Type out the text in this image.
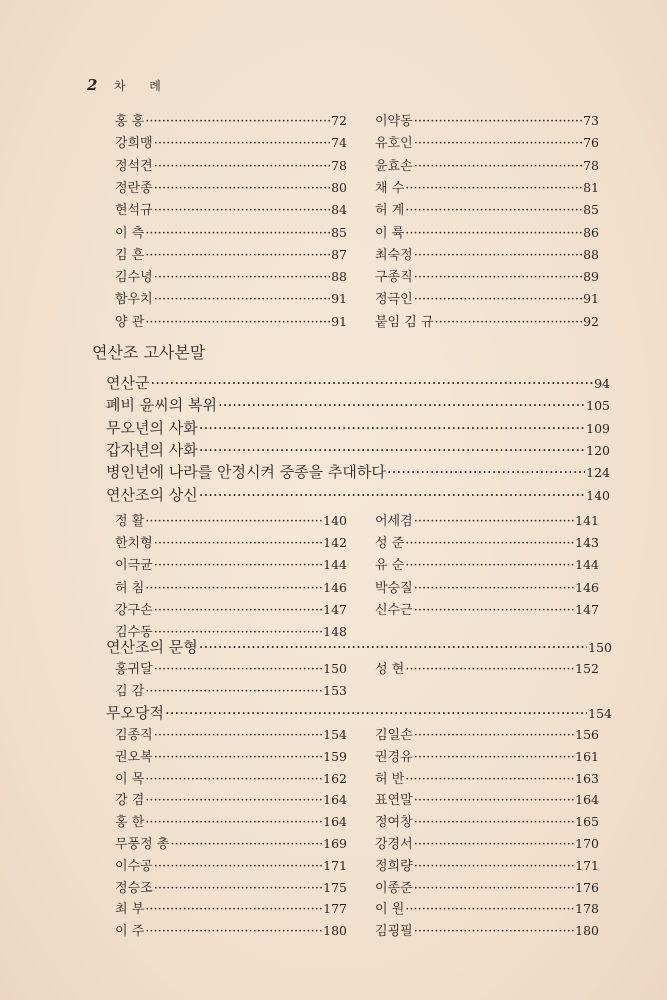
2 차 례
연산조 고사본말
홍 홍 ·····	72
강희맹 ·····	74
정석견 ·····	78
정란종 ·····	80
현석규 ·····	84
이 측 ·····	85
김 흔 ·····	87
김수녕 ·····	88
함우치 ·····	91
양 관 ·····	91
이약동 ·····	73
유호인 ·····	76
윤효손 ·····	78
채 수 ·····	81
허 계 ·····	85
이 륙 ·····	86
최숙정 ·····	88
구종직 ·····	89
정극인 ·····	91
붙임 김 규 ·····	92
연산군 ·····	94
폐비 윤씨의 복위 ·····	105
무오년의 사화 ·····	109
갑자년의 사화 ·····	120
병인년에 나라를 안정시켜 중종을 추대하다 ·····	124
연산조의 상신 ·····	140
정 활 ·····	140
한치형 ·····	142
이극균 ·····	144
허 침 ·····	146
강구손 ·····	147
김수동 ·····	148
어세겸 ·····	141
성 준 ·····	143
유 순 ·····	144
박숭질 ·····	146
신수근 ·····	147
연산조의 문형 ·····	150
홍귀달 ·····	150
김 감 ·····	153
성 현 ·····	152
무오당적 ·····	154
김종직 ·····	154
권오복 ·····	159
이 목 ·····	162
강 겸 ·····	164
홍 한 ·····	164
무풍정 총 ·····	169
이수공 ·····	171
정승조 ·····	175
최 부 ·····	177
이 주 ·····	180
김일손 ·····	156
권경유 ·····	161
허 반 ·····	163
표연말 ·····	164
정여창 ·····	165
강경서 ·····	170
정희량 ·····	171
이종준 ·····	176
이 원 ·····	178
김굉필 ·····	180
